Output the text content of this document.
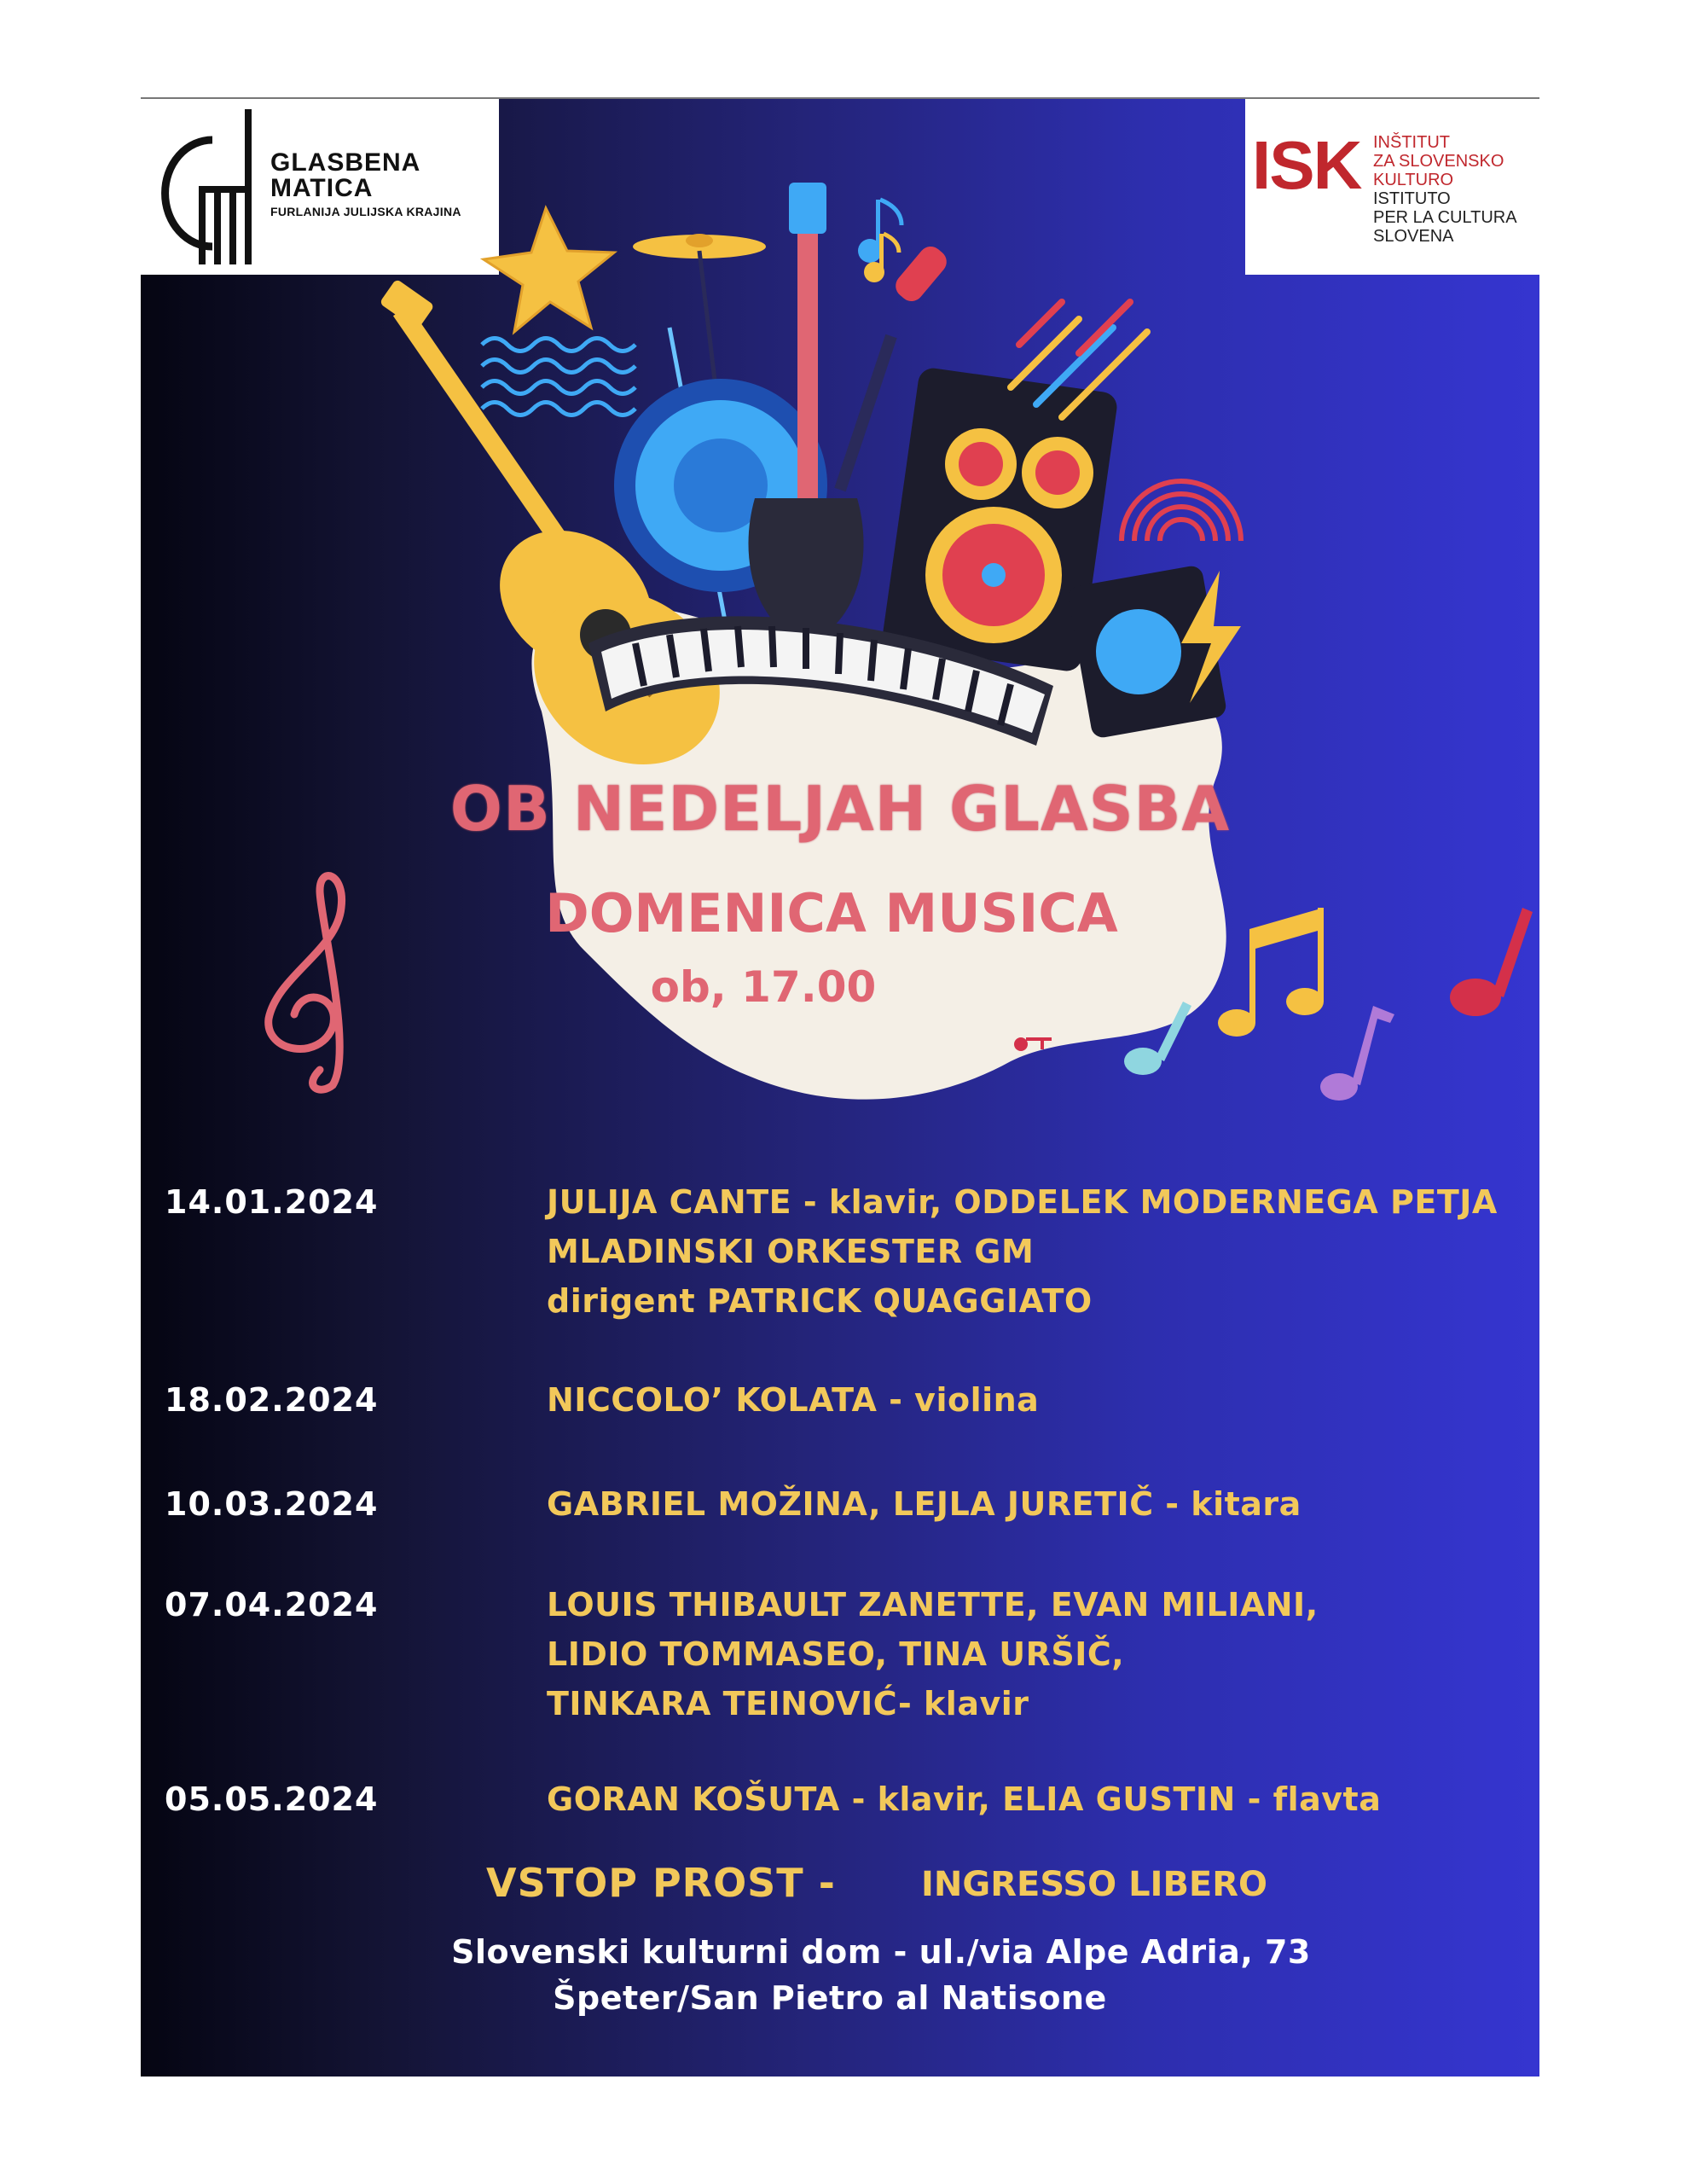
GLASBENA
MATICA
FURLANIJA JULIJSKA KRAJINA
ISK INŠTITUT
ZA SLOVENSKO
KULTURO
ISTITUTO
PER LA CULTURA
SLOVENA
OB NEDELJAH GLASBA
DOMENICA MUSICA
ob, 17.00
14.01.2024	JULIJA CANTE - klavir, ODDELEK MODERNEGA PETJA
MLADINSKI ORKESTER GM
dirigent PATRICK QUAGGIATO
18.02.2024	NICCOLO’ KOLATA - violina
10.03.2024	GABRIEL MOŽINA, LEJLA JURETIČ - kitara
07.04.2024	LOUIS THIBAULT ZANETTE, EVAN MILIANI,
LIDIO TOMMASEO, TINA URŠIČ,
TINKARA TEINOVIĆ- klavir
05.05.2024	GORAN KOŠUTA - klavir, ELIA GUSTIN - flavta
VSTOP PROST -	INGRESSO LIBERO
Slovenski kulturni dom - ul./via Alpe Adria, 73
Špeter/San Pietro al Natisone
